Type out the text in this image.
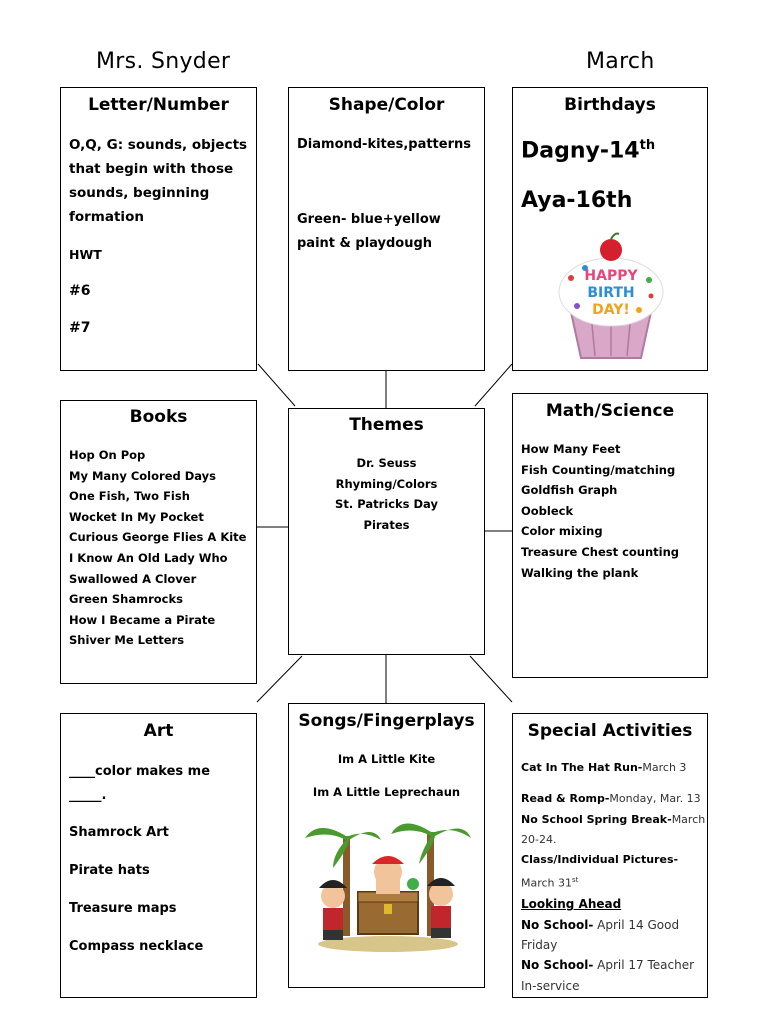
Mrs. Snyder	March
Letter/Number
O,Q, G: sounds, objects that begin with those sounds, beginning formation
HWT
#6
#7
Shape/Color
Diamond-kites,patterns
Green- blue+yellow paint & playdough
Birthdays
Dagny-14th
Aya-16th
HAPPY
BIRTH
DAY!
Books
Hop On Pop
My Many Colored Days
One Fish, Two Fish
Wocket In My Pocket
Curious George Flies A Kite
I Know An Old Lady Who
Swallowed A Clover
Green Shamrocks
How I Became a Pirate
Shiver Me Letters
Themes
Dr. Seuss
Rhyming/Colors
St. Patricks Day
Pirates
Math/Science
How Many Feet
Fish Counting/matching
Goldfish Graph
Oobleck
Color mixing
Treasure Chest counting
Walking the plank
Art
____color makes me _____.
Shamrock Art
Pirate hats
Treasure maps
Compass necklace
Songs/Fingerplays
Im A Little Kite
Im A Little Leprechaun
Special Activities
Cat In The Hat Run-March 3
Read & Romp-Monday, Mar. 13
No School Spring Break-March
20-24.
Class/Individual Pictures-
March 31st
Looking Ahead
No School- April 14 Good
Friday
No School- April 17 Teacher
In-service
